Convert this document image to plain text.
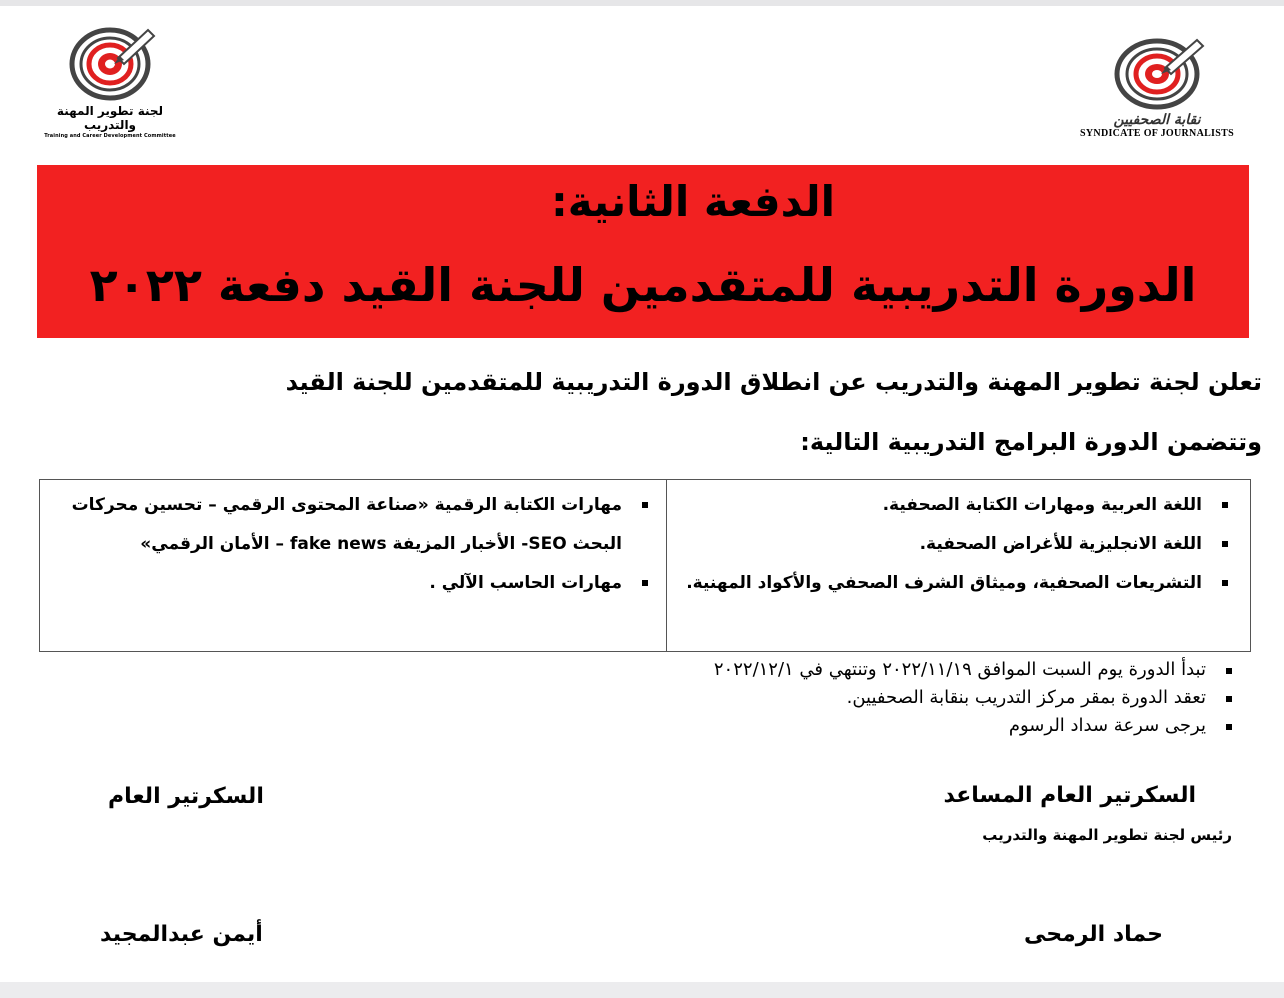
لجنة تطوير المهنة والتدريب
Training and Career Development Committee
نقابة الصحفيين
SYNDICATE OF JOURNALISTS
الدفعة الثانية:
الدورة التدريبية للمتقدمين للجنة القيد دفعة ٢٠٢٢
تعلن لجنة تطوير المهنة والتدريب عن انطلاق الدورة التدريبية للمتقدمين للجنة القيد
وتتضمن الدورة البرامج التدريبية التالية:
اللغة العربية ومهارات الكتابة الصحفية.
اللغة الانجليزية للأغراض الصحفية.
التشريعات الصحفية، وميثاق الشرف الصحفي والأكواد المهنية.
مهارات الكتابة الرقمية «صناعة المحتوى الرقمي – تحسين محركات البحث SEO- الأخبار المزيفة fake news – الأمان الرقمي»
مهارات الحاسب الآلي .
تبدأ الدورة يوم السبت الموافق ٢٠٢٢/١١/١٩ وتنتهي في ٢٠٢٢/١٢/١
تعقد الدورة بمقر مركز التدريب بنقابة الصحفيين.
يرجى سرعة سداد الرسوم
السكرتير العام المساعد
رئيس لجنة تطوير المهنة والتدريب
السكرتير العام
حماد الرمحى
أيمن عبدالمجيد
